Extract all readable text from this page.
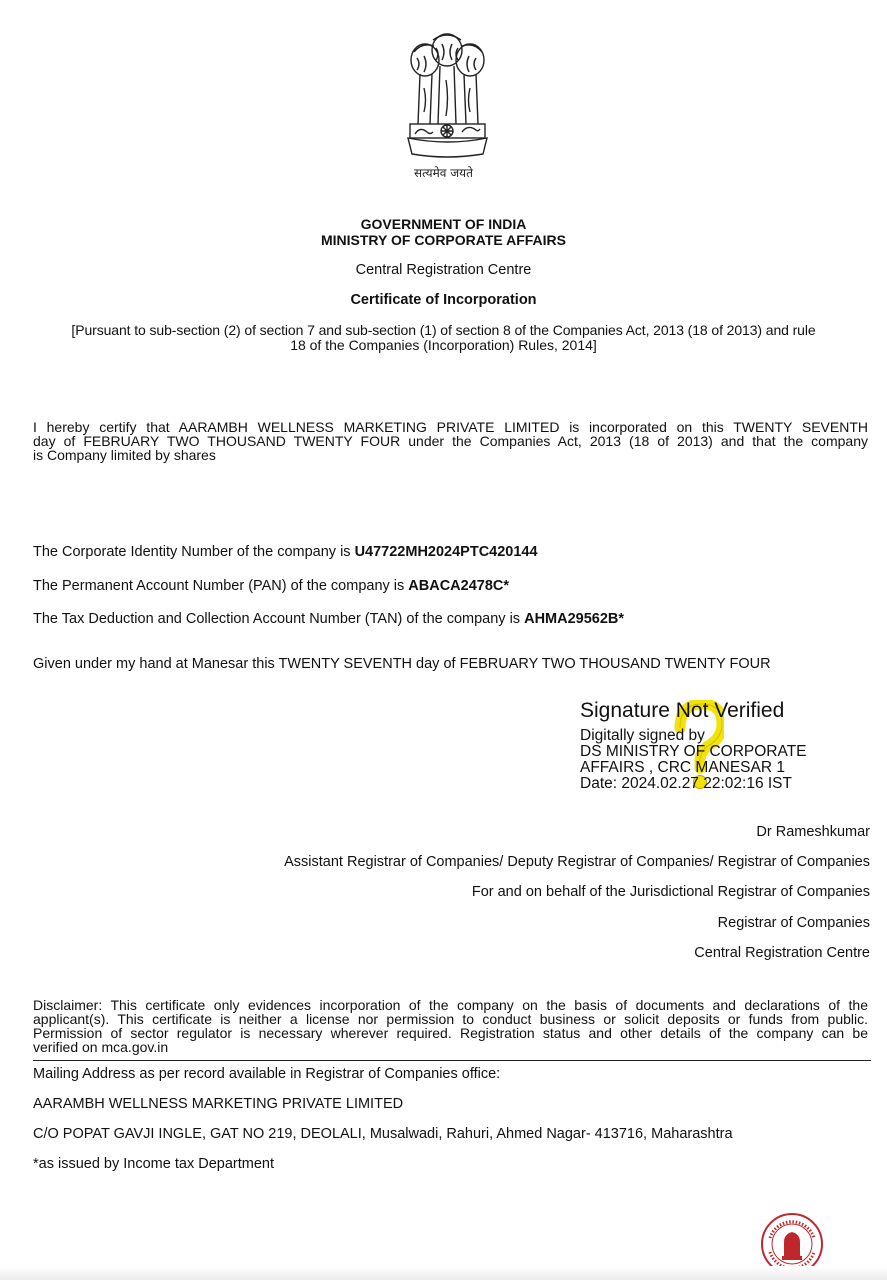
सत्यमेव जयते
GOVERNMENT OF INDIA
MINISTRY OF CORPORATE AFFAIRS
Central Registration Centre
Certificate of Incorporation
[Pursuant to sub-section (2) of section 7 and sub-section (1) of section 8 of the Companies Act, 2013 (18 of 2013) and rule
18 of the Companies (Incorporation) Rules, 2014]
I hereby certify that AARAMBH WELLNESS MARKETING PRIVATE LIMITED is incorporated on this TWENTY SEVENTH
day of FEBRUARY TWO THOUSAND TWENTY FOUR under the Companies Act, 2013 (18 of 2013) and that the company
is Company limited by shares
The Corporate Identity Number of the company is U47722MH2024PTC420144
The Permanent Account Number (PAN) of the company is ABACA2478C*
The Tax Deduction and Collection Account Number (TAN) of the company is AHMA29562B*
Given under my hand at Manesar this TWENTY SEVENTH day of FEBRUARY TWO THOUSAND TWENTY FOUR
Signature Not Verified
Digitally signed by
DS MINISTRY OF CORPORATE
AFFAIRS , CRC MANESAR 1
Date: 2024.02.27 22:02:16 IST
Dr Rameshkumar
Assistant Registrar of Companies/ Deputy Registrar of Companies/ Registrar of Companies
For and on behalf of the Jurisdictional Registrar of Companies
Registrar of Companies
Central Registration Centre
Disclaimer: This certificate only evidences incorporation of the company on the basis of documents and declarations of the
applicant(s). This certificate is neither a license nor permission to conduct business or solicit deposits or funds from public.
Permission of sector regulator is necessary wherever required. Registration status and other details of the company can be
verified on mca.gov.in
Mailing Address as per record available in Registrar of Companies office:
AARAMBH WELLNESS MARKETING PRIVATE LIMITED
C/O POPAT GAVJI INGLE, GAT NO 219, DEOLALI, Musalwadi, Rahuri, Ahmed Nagar- 413716, Maharashtra
*as issued by Income tax Department
